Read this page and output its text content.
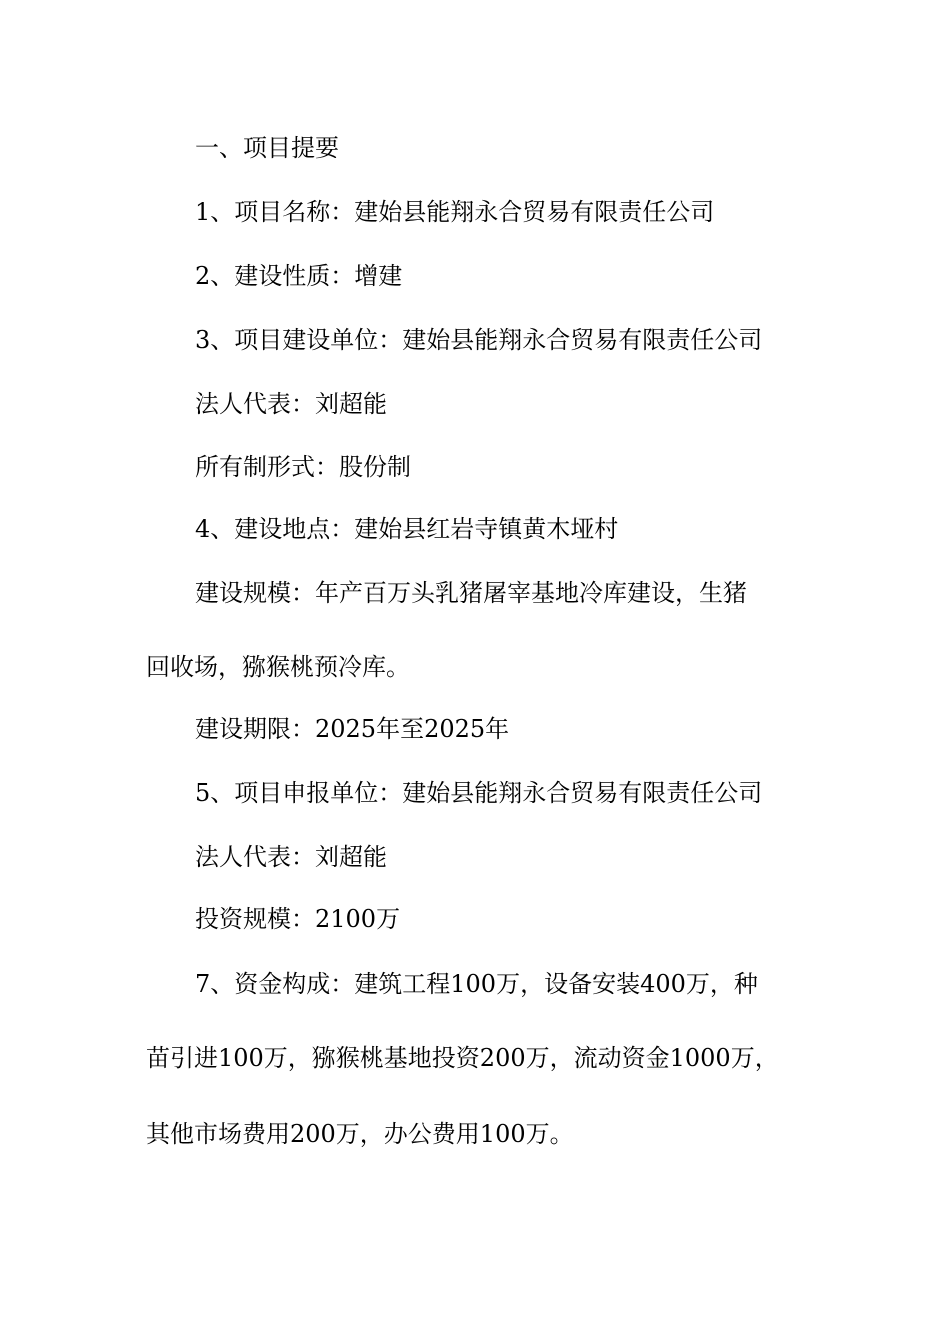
一、项目提要
1、项目名称：建始县能翔永合贸易有限责任公司
2、建设性质：增建
3、项目建设单位：建始县能翔永合贸易有限责任公司
法人代表：刘超能
所有制形式：股份制
4、建设地点：建始县红岩寺镇黄木垭村
建设规模：年产百万头乳猪屠宰基地冷库建设，生猪
回收场，猕猴桃预冷库。
建设期限：2025年至2025年
5、项目申报单位：建始县能翔永合贸易有限责任公司
法人代表：刘超能
投资规模：2100万
7、资金构成：建筑工程100万，设备安装400万，种
苗引进100万，猕猴桃基地投资200万，流动资金1000万，
其他市场费用200万，办公费用100万。
